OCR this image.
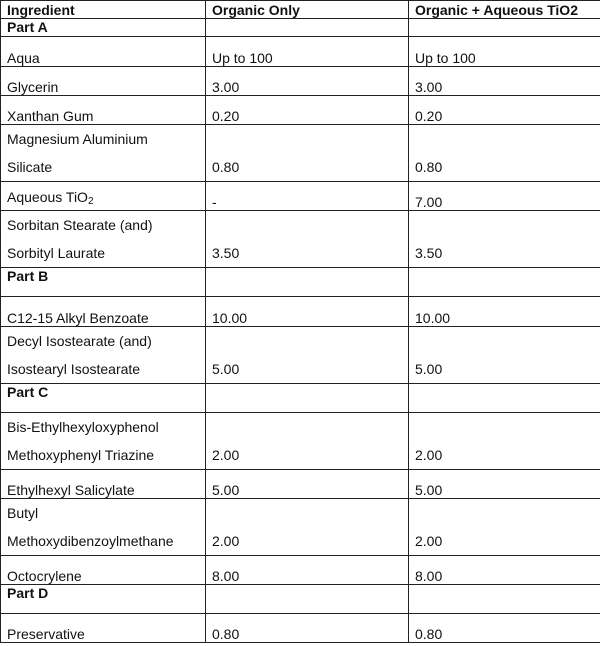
Ingredient	Organic Only	Organic + Aqueous TiO2
Part A		
Aqua	Up to 100	Up to 100
Glycerin	3.00	3.00
Xanthan Gum	0.20	0.20

Magnesium Aluminium
Silicate	0.80	0.80

Aqueous TiO$_2$	-	7.00

Sorbitan Stearate (and)
Sorbityl Laurate	3.50	3.50

Part B		
C12-15 Alkyl Benzoate	10.00	10.00

Decyl Isostearate (and)
Isostearyl Isostearate	5.00	5.00

Part C		

Bis-Ethylhexyloxyphenol
Methoxyphenyl Triazine	2.00	2.00

Ethylhexyl Salicylate	5.00	5.00

Butyl
Methoxydibenzoylmethane	2.00	2.00

Octocrylene	8.00	8.00
Part D		
Preservative	0.80	0.80
